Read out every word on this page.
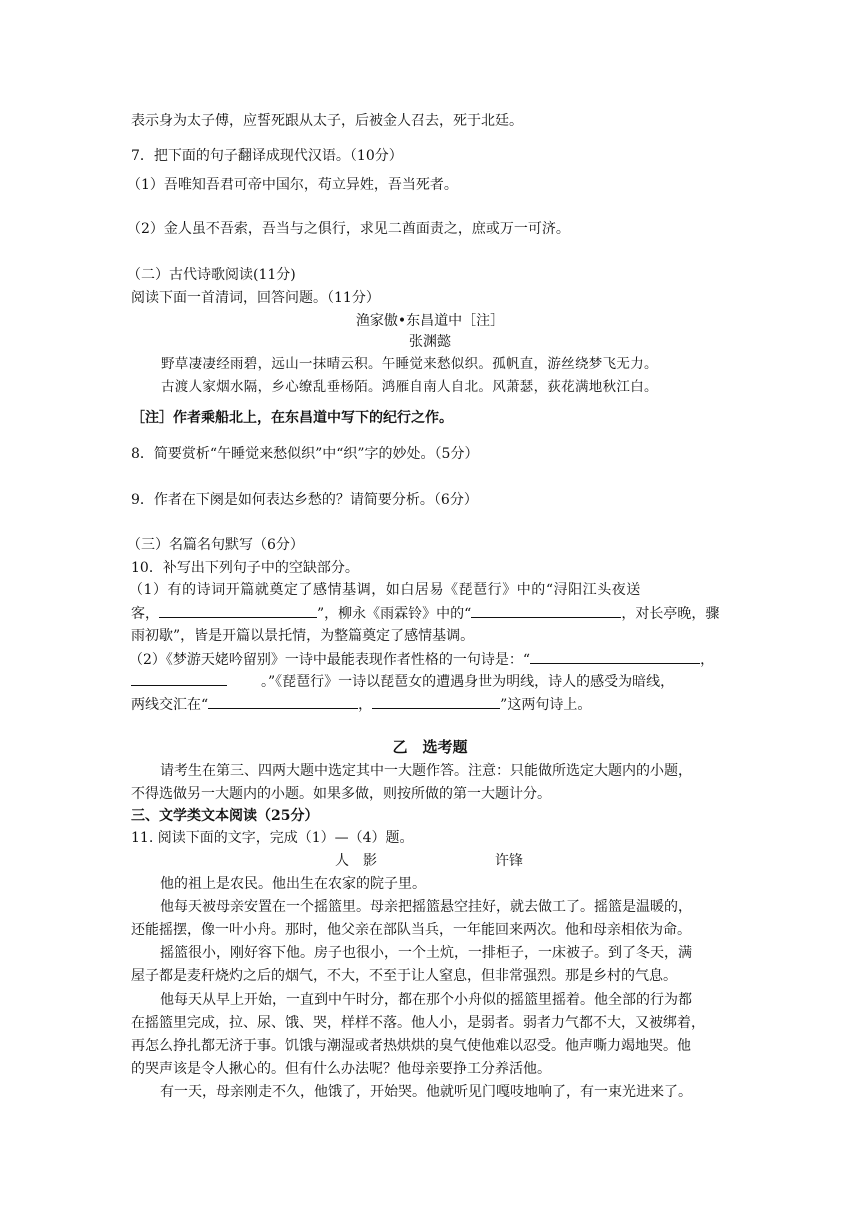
表示身为太子傅，应誓死跟从太子，后被金人召去，死于北廷。
7．把下面的句子翻译成现代汉语。（10分）
（1）吾唯知吾君可帝中国尔，苟立异姓，吾当死者。
（2）金人虽不吾索，吾当与之俱行，求见二酋面责之，庶或万一可济。
（二）古代诗歌阅读(11分)
阅读下面一首清词，回答问题。（11分）
渔家傲•东昌道中［注］
张渊懿
野草凄凄经雨碧，远山一抹晴云积。午睡觉来愁似织。孤帆直，游丝绕梦飞无力。
古渡人家烟水隔，乡心缭乱垂杨陌。鸿雁自南人自北。风萧瑟，荻花满地秋江白。
［注］作者乘船北上，在东昌道中写下的纪行之作。
8．简要赏析“午睡觉来愁似织”中“织”字的妙处。（5分）
9．作者在下阕是如何表达乡愁的？请简要分析。（6分）
（三）名篇名句默写（6分）
10．补写出下列句子中的空缺部分。
（1）有的诗词开篇就奠定了感情基调，如白居易《琵琶行》中的“浔阳江头夜送
客，	”，柳永《雨霖铃》中的“	，对长亭晚，骤
雨初歇”，皆是开篇以景托情，为整篇奠定了感情基调。
（2）《梦游天姥吟留别》一诗中最能表现作者性格的一句诗是：“	，
。”《琵琶行》一诗以琵琶女的遭遇身世为明线，诗人的感受为暗线，
两线交汇在“	，	”这两句诗上。
乙　选考题
请考生在第三、四两大题中选定其中一大题作答。注意：只能做所选定大题内的小题，
不得选做另一大题内的小题。如果多做，则按所做的第一大题计分。
三、文学类文本阅读（25分）
11. 阅读下面的文字，完成（1）—（4）题。
人　影	许锋
他的祖上是农民。他出生在农家的院子里。
他每天被母亲安置在一个摇篮里。母亲把摇篮悬空挂好，就去做工了。摇篮是温暖的，
还能摇摆，像一叶小舟。那时，他父亲在部队当兵，一年能回来两次。他和母亲相依为命。
摇篮很小，刚好容下他。房子也很小，一个土炕，一排柜子，一床被子。到了冬天，满
屋子都是麦秆烧灼之后的烟气，不大，不至于让人窒息，但非常强烈。那是乡村的气息。
他每天从早上开始，一直到中午时分，都在那个小舟似的摇篮里摇着。他全部的行为都
在摇篮里完成，拉、尿、饿、哭，样样不落。他人小，是弱者。弱者力气都不大，又被绑着，
再怎么挣扎都无济于事。饥饿与潮湿或者热烘烘的臭气使他难以忍受。他声嘶力竭地哭。他
的哭声该是令人揪心的。但有什么办法呢？他母亲要挣工分养活他。
有一天，母亲刚走不久，他饿了，开始哭。他就听见门嘎吱地响了，有一束光进来了。
